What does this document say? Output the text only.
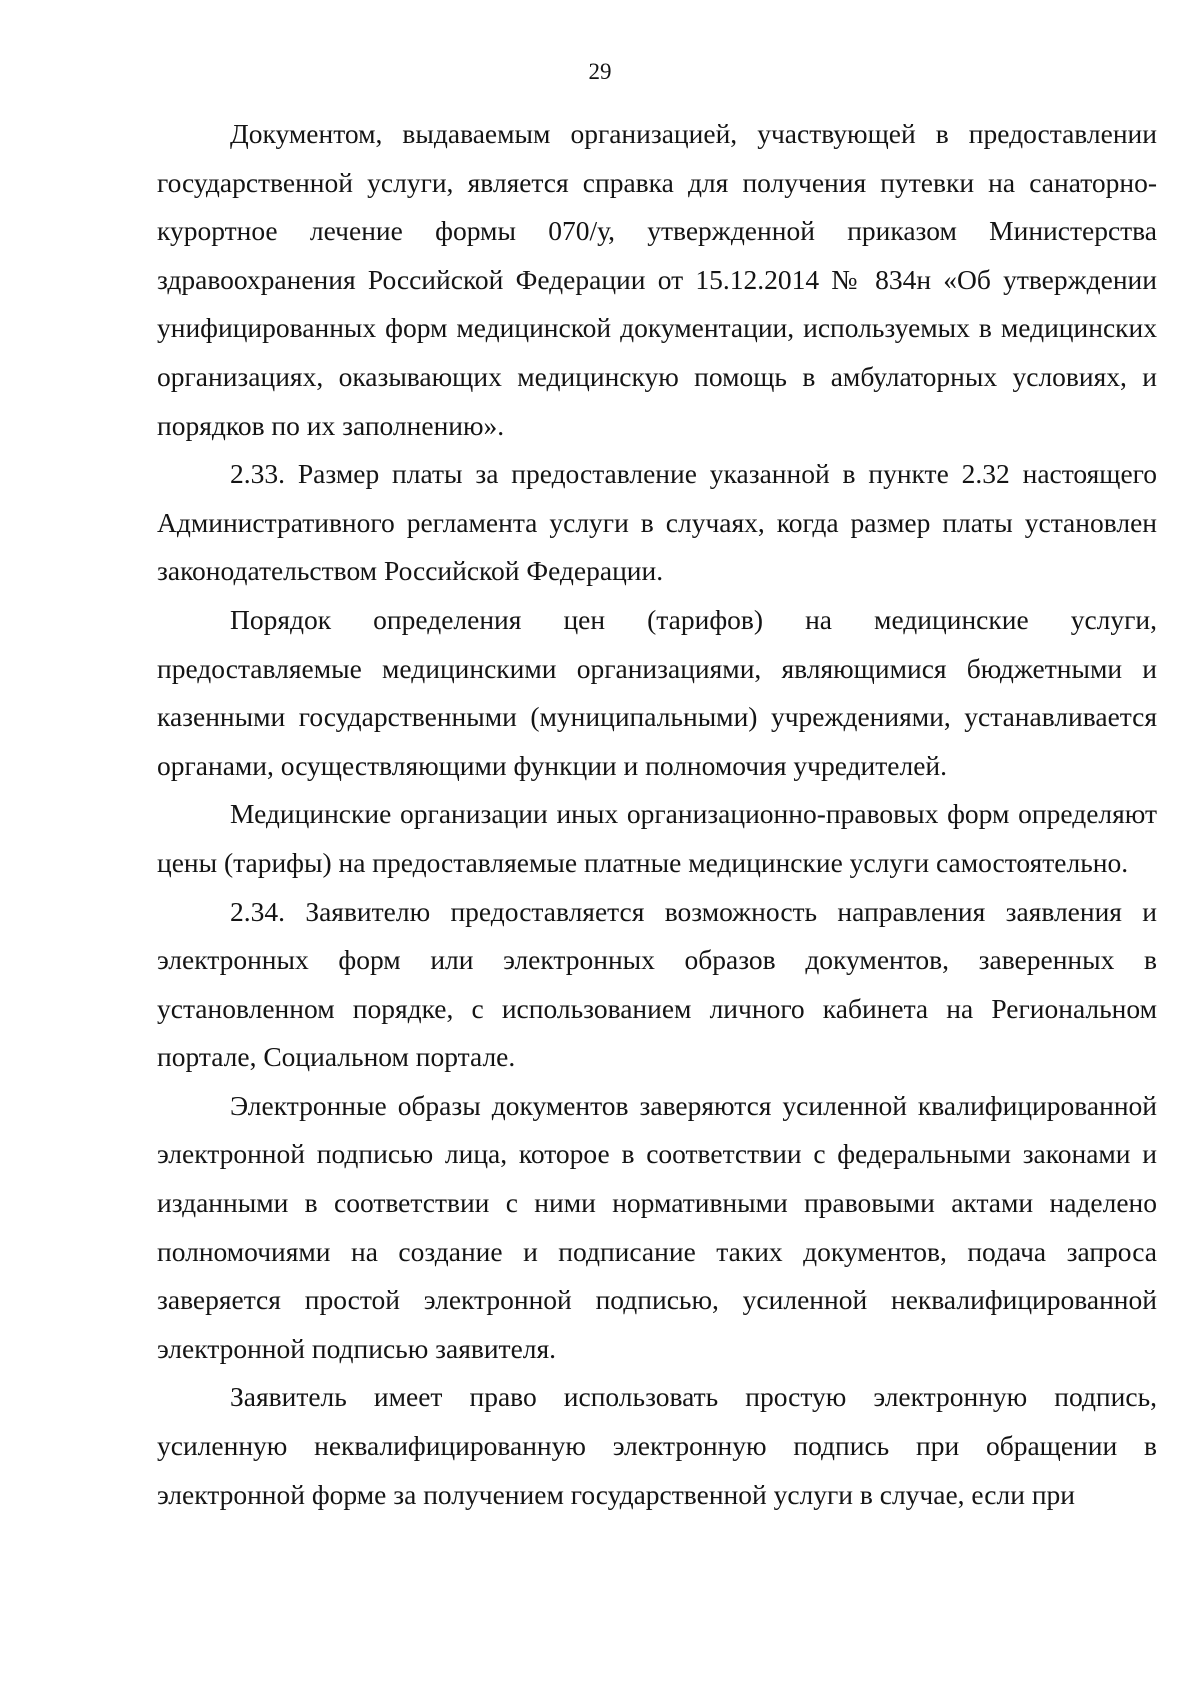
29

Документом, выдаваемым организацией, участвующей в предоставлении государственной услуги, является справка для получения путевки на санаторно-курортное лечение формы 070/у, утвержденной приказом Министерства здравоохранения Российской Федерации от 15.12.2014 № 834н «Об утверждении унифицированных форм медицинской документации, используемых в медицинских организациях, оказывающих медицинскую помощь в амбулаторных условиях, и порядков по их заполнению».

2.33. Размер платы за предоставление указанной в пункте 2.32 настоящего Административного регламента услуги в случаях, когда размер платы установлен законодательством Российской Федерации.

Порядок определения цен (тарифов) на медицинские услуги, предоставляемые медицинскими организациями, являющимися бюджетными и казенными государственными (муниципальными) учреждениями, устанавливается органами, осуществляющими функции и полномочия учредителей.

Медицинские организации иных организационно-правовых форм определяют цены (тарифы) на предоставляемые платные медицинские услуги самостоятельно.

2.34. Заявителю предоставляется возможность направления заявления и электронных форм или электронных образов документов, заверенных в установленном порядке, с использованием личного кабинета на Региональном портале, Социальном портале.

Электронные образы документов заверяются усиленной квалифицированной электронной подписью лица, которое в соответствии с федеральными законами и изданными в соответствии с ними нормативными правовыми актами наделено полномочиями на создание и подписание таких документов, подача запроса заверяется простой электронной подписью, усиленной неквалифицированной электронной подписью заявителя.

Заявитель имеет право использовать простую электронную подпись, усиленную неквалифицированную электронную подпись при обращении в электронной форме за получением государственной услуги в случае, если при
